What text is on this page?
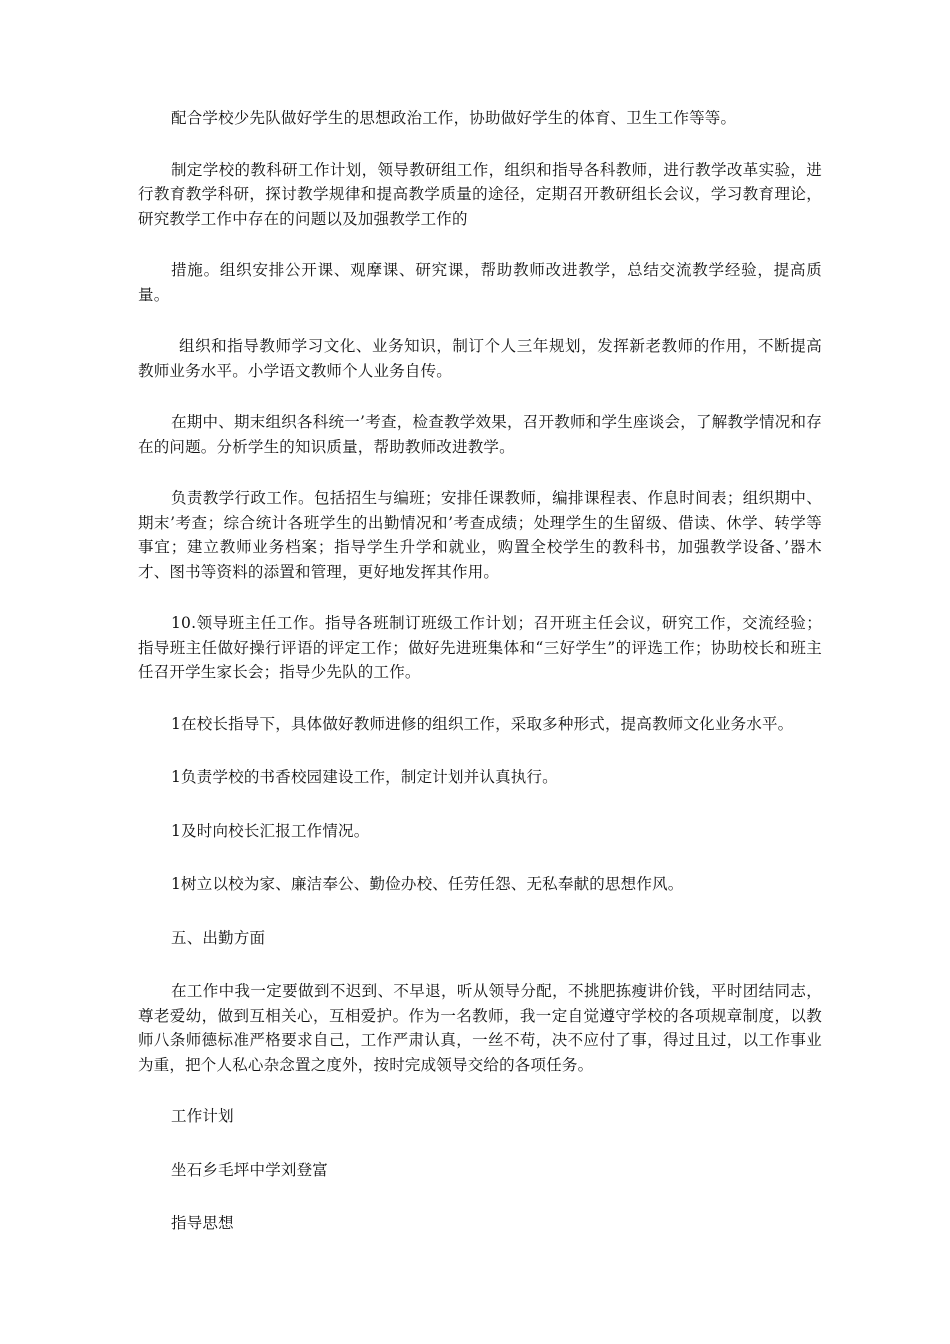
配合学校少先队做好学生的思想政治工作，协助做好学生的体育、卫生工作等等。

制定学校的教科研工作计划，领导教研组工作，组织和指导各科教师，进行教学改革实验，进行教育教学科研，探讨教学规律和提高教学质量的途径，定期召开教研组长会议，学习教育理论，研究教学工作中存在的问题以及加强教学工作的

措施。组织安排公开课、观摩课、研究课，帮助教师改进教学，总结交流教学经验，提高质量。

组织和指导教师学习文化、业务知识，制订个人三年规划，发挥新老教师的作用，不断提高教师业务水平。小学语文教师个人业务自传。

在期中、期末组织各科统一’考查，检查教学效果，召开教师和学生座谈会，了解教学情况和存在的问题。分析学生的知识质量，帮助教师改进教学。

负责教学行政工作。包括招生与编班；安排任课教师，编排课程表、作息时间表；组织期中、期末’考查；综合统计各班学生的出勤情况和’考查成绩；处理学生的生留级、借读、休学、转学等事宜；建立教师业务档案；指导学生升学和就业，购置全校学生的教科书，加强教学设备、’器木才、图书等资料的添置和管理，更好地发挥其作用。

10.领导班主任工作。指导各班制订班级工作计划；召开班主任会议，研究工作，交流经验；指导班主任做好操行评语的评定工作；做好先进班集体和“三好学生”的评选工作；协助校长和班主任召开学生家长会；指导少先队的工作。

1在校长指导下，具体做好教师进修的组织工作，采取多种形式，提高教师文化业务水平。

1负责学校的书香校园建设工作，制定计划并认真执行。

1及时向校长汇报工作情况。

1树立以校为家、廉洁奉公、勤俭办校、任劳任怨、无私奉献的思想作风。

五、出勤方面

在工作中我一定要做到不迟到、不早退，听从领导分配，不挑肥拣瘦讲价钱，平时团结同志，尊老爱幼，做到互相关心，互相爱护。作为一名教师，我一定自觉遵守学校的各项规章制度，以教师八条师德标准严格要求自己，工作严肃认真，一丝不苟，决不应付了事，得过且过，以工作事业为重，把个人私心杂念置之度外，按时完成领导交给的各项任务。

工作计划

坐石乡毛坪中学刘登富

指导思想
